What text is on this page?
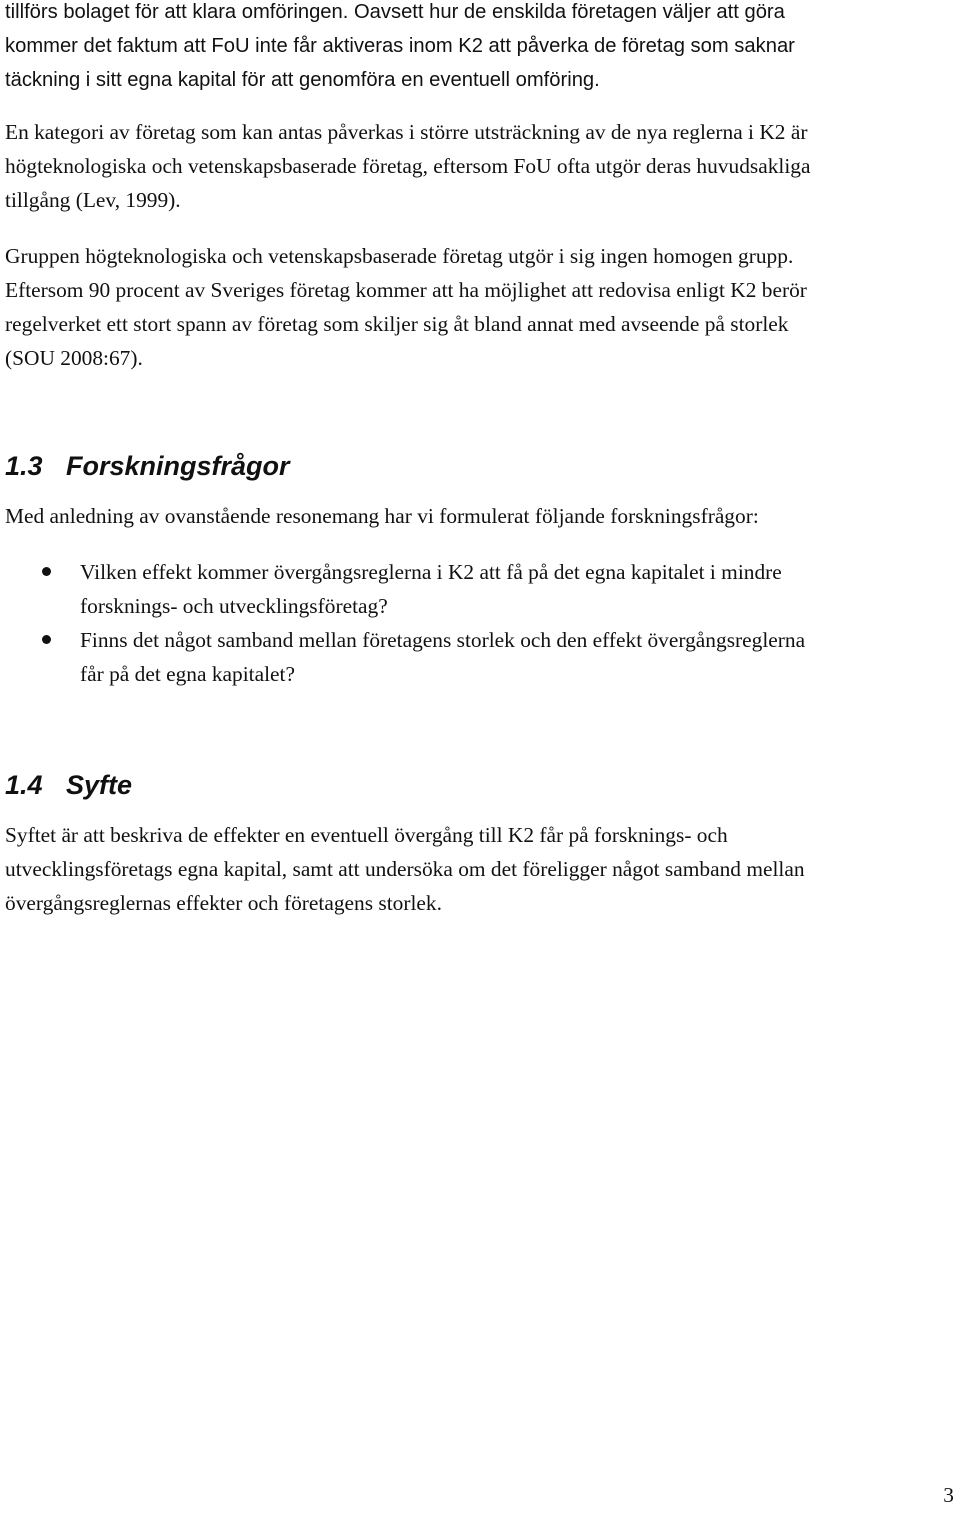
tillförs bolaget för att klara omföringen. Oavsett hur de enskilda företagen väljer att göra
kommer det faktum att FoU inte får aktiveras inom K2 att påverka de företag som saknar
täckning i sitt egna kapital för att genomföra en eventuell omföring.

En kategori av företag som kan antas påverkas i större utsträckning av de nya reglerna i K2 är
högteknologiska och vetenskapsbaserade företag, eftersom FoU ofta utgör deras huvudsakliga
tillgång (Lev, 1999).

Gruppen högteknologiska och vetenskapsbaserade företag utgör i sig ingen homogen grupp.
Eftersom 90 procent av Sveriges företag kommer att ha möjlighet att redovisa enligt K2 berör
regelverket ett stort spann av företag som skiljer sig åt bland annat med avseende på storlek
(SOU 2008:67).

1.3 Forskningsfrågor

Med anledning av ovanstående resonemang har vi formulerat följande forskningsfrågor:

Vilken effekt kommer övergångsreglerna i K2 att få på det egna kapitalet i mindre
forsknings- och utvecklingsföretag?
Finns det något samband mellan företagens storlek och den effekt övergångsreglerna
får på det egna kapitalet?
1.4 Syfte

Syftet är att beskriva de effekter en eventuell övergång till K2 får på forsknings- och
utvecklingsföretags egna kapital, samt att undersöka om det föreligger något samband mellan
övergångsreglernas effekter och företagens storlek.

3
